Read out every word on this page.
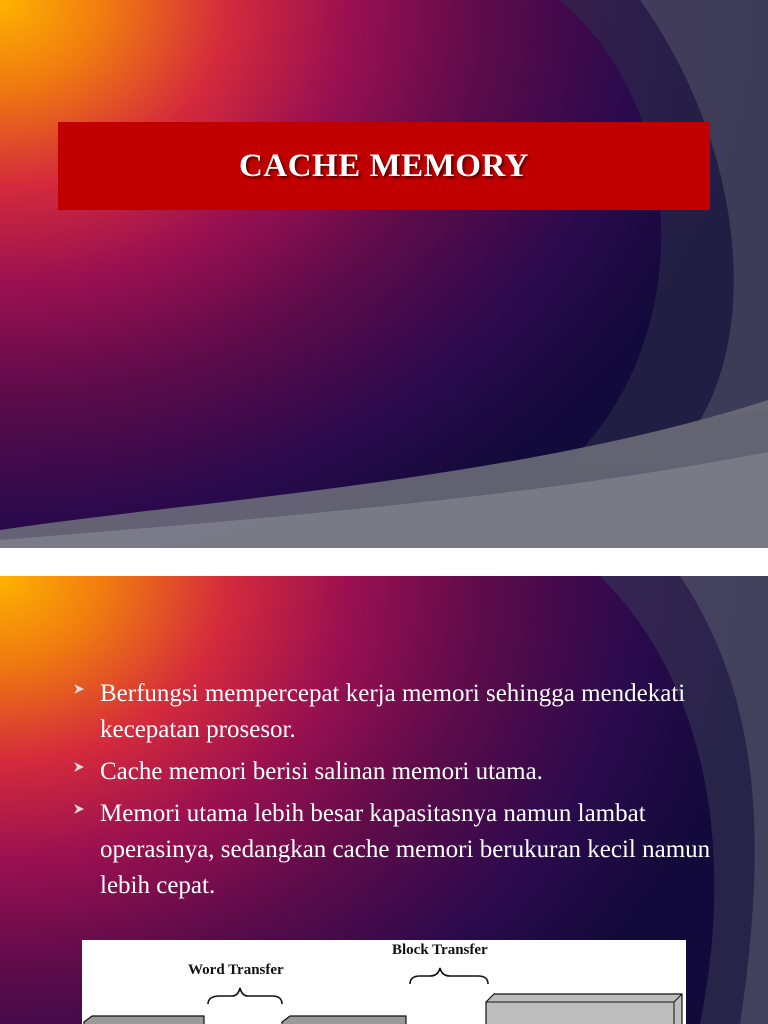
CACHE MEMORY
Berfungsi mempercepat kerja memori sehingga mendekati kecepatan prosesor.
Cache memori berisi salinan memori utama.
Memori utama lebih besar kapasitasnya namun lambat operasinya, sedangkan cache memori berukuran kecil namun lebih cepat.
Word Transfer
Block Transfer
